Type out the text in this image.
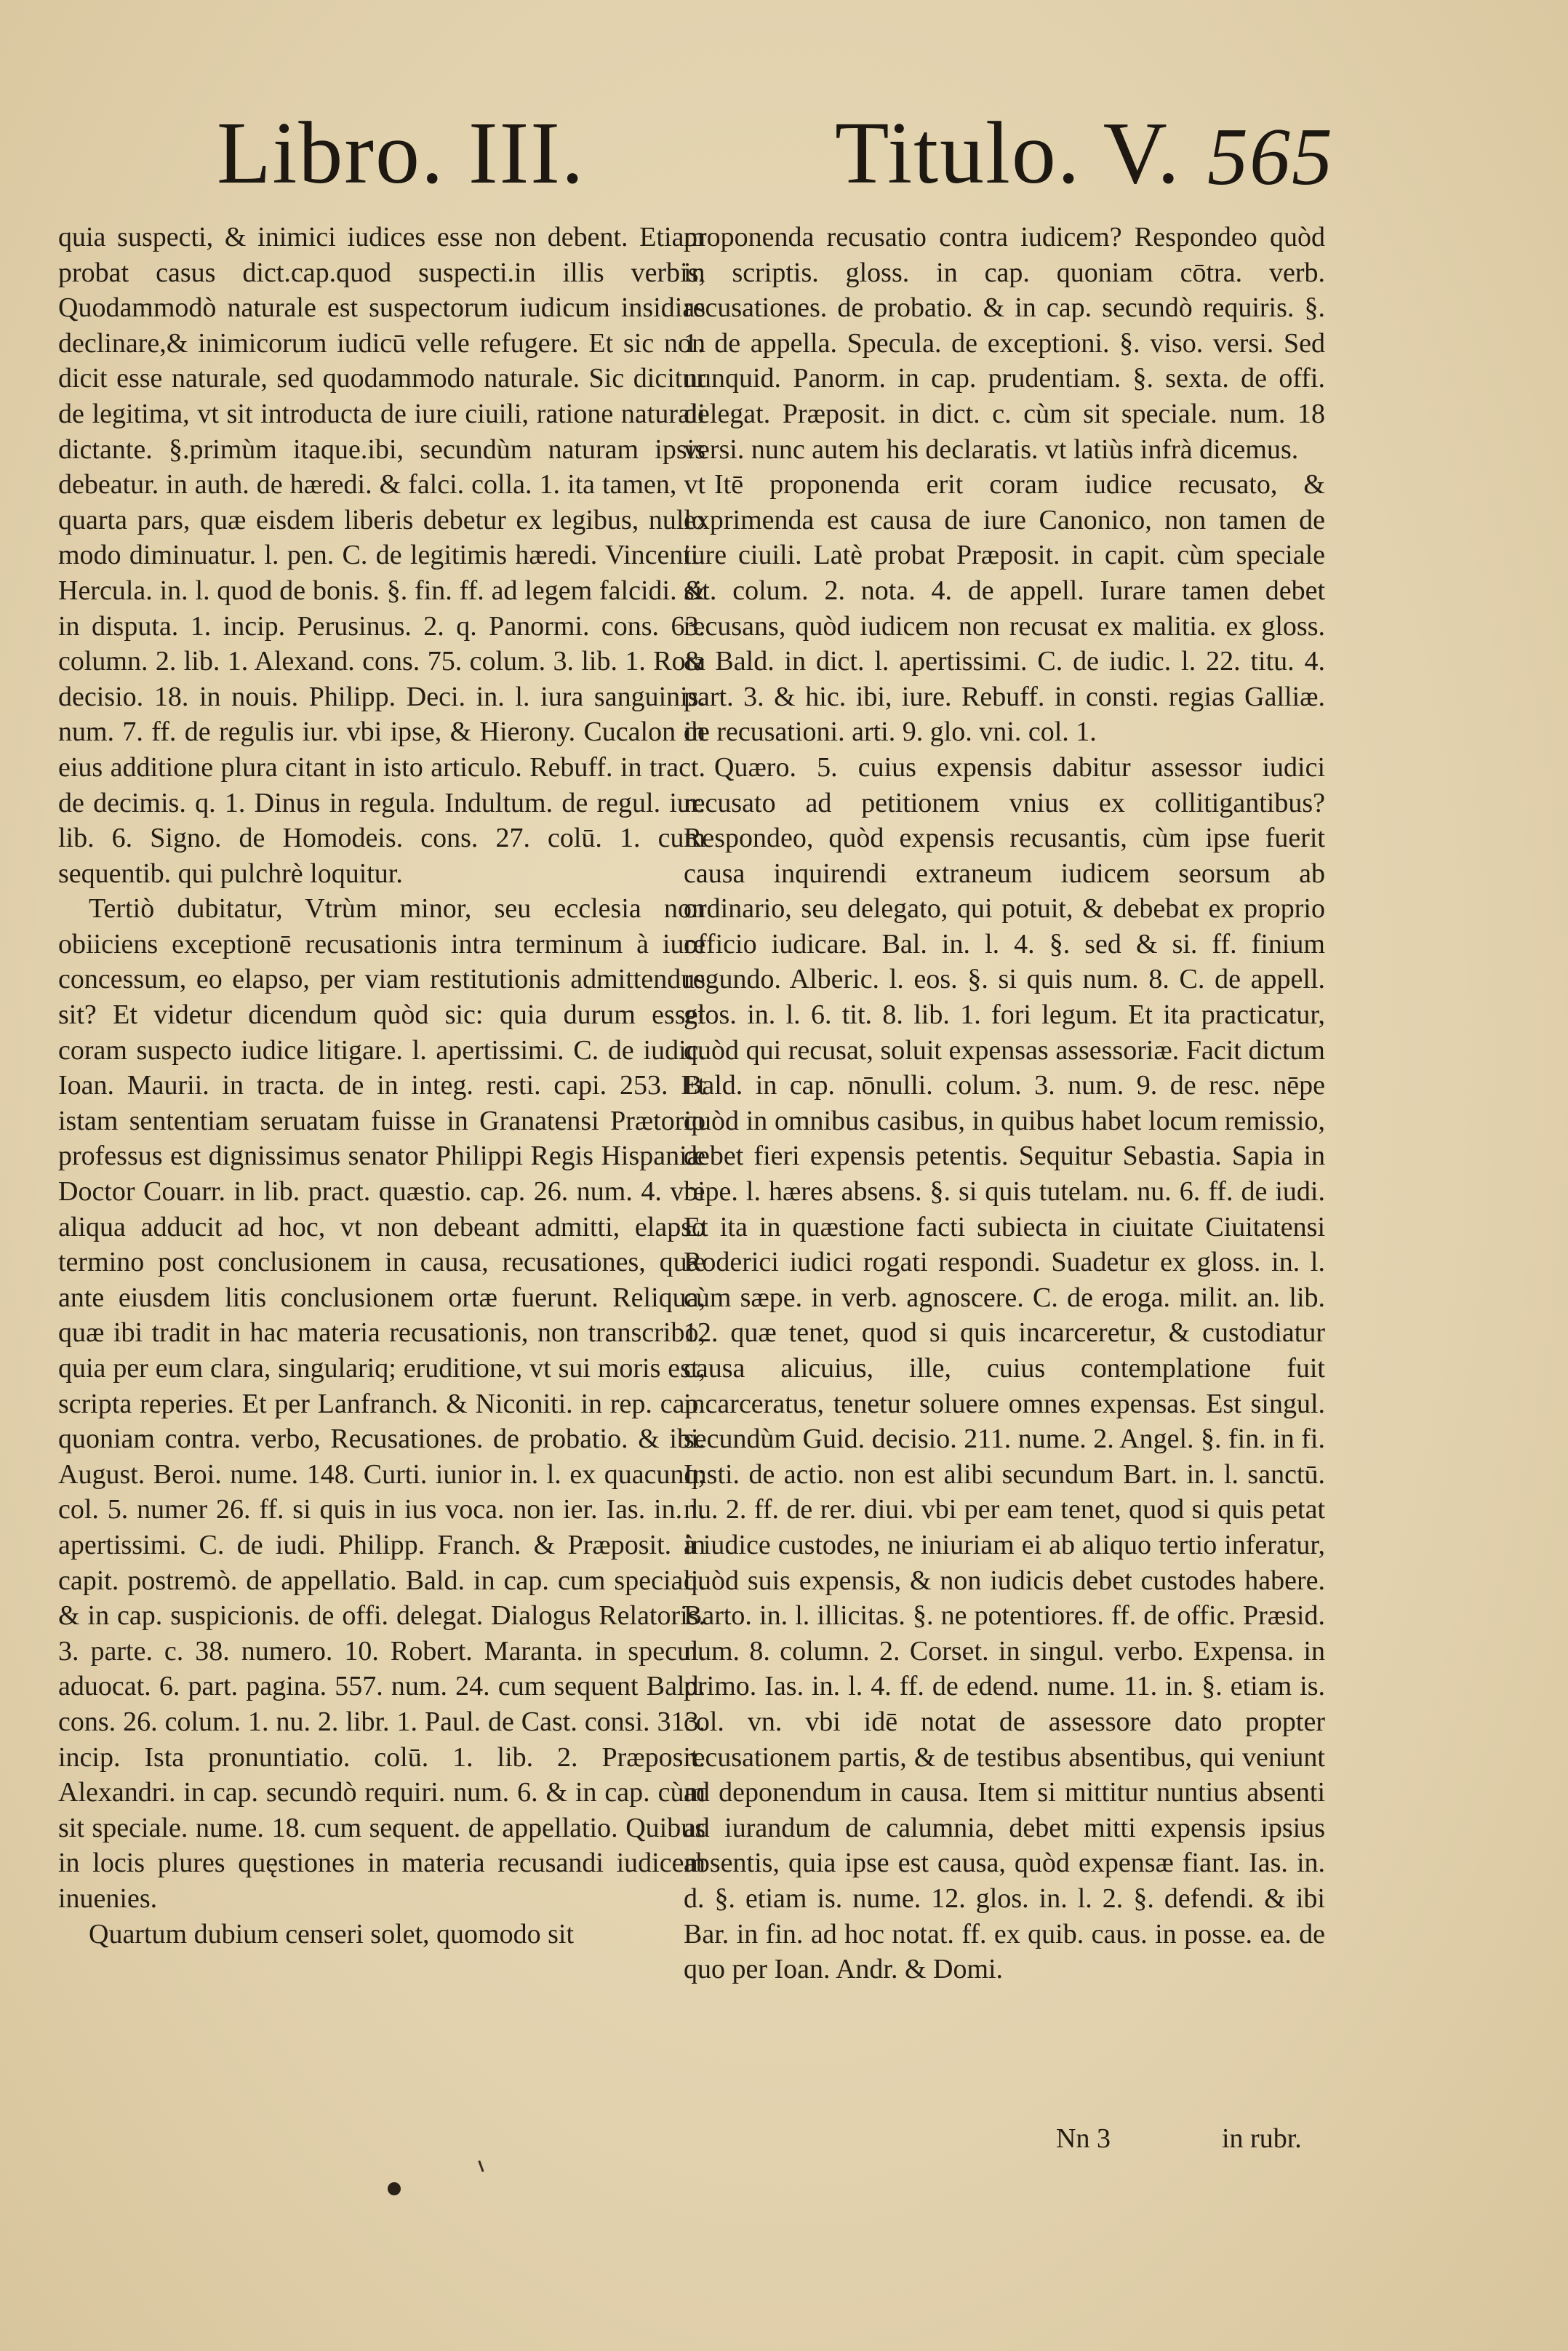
Libro. III.	Titulo. V. 565

quia suspecti, & inimici iudices esse non debent. Etiam probat casus dict.cap.quod suspecti.in illis verbis, Quodammodò naturale est suspectorum iudicum insidias declinare,& inimicorum iudicū velle refugere. Et sic non dicit esse naturale, sed quodammodo naturale. Sic dicitur de legitima, vt sit introducta de iure ciuili, ratione naturali dictante. §.primùm itaque.ibi, secundùm naturam ipsis debeatur. in auth. de hæredi. & falci. colla. 1. ita tamen, vt quarta pars, quæ eisdem liberis debetur ex legibus, nullo modo diminuatur. l. pen. C. de legitimis hæredi. Vincenti. Hercula. in. l. quod de bonis. §. fin. ff. ad legem falcidi. & in disputa. 1. incip. Perusinus. 2. q. Panormi. cons. 63. column. 2. lib. 1. Alexand. cons. 75. colum. 3. lib. 1. Rota decisio. 18. in nouis. Philipp. Deci. in. l. iura sanguinis. num. 7. ff. de regulis iur. vbi ipse, & Hierony. Cucalon in eius additione plura citant in isto articulo. Rebuff. in tract. de decimis. q. 1. Dinus in regula. Indultum. de regul. iur. lib. 6. Signo. de Homodeis. cons. 27. colū. 1. cum sequentib. qui pulchrè loquitur.

Tertiò dubitatur, Vtrùm minor, seu ecclesia non obiiciens exceptionē recusationis intra terminum à iure concessum, eo elapso, per viam restitutionis admittendus sit? Et videtur dicendum quòd sic: quia durum esset coram suspecto iudice litigare. l. apertissimi. C. de iudic. Ioan. Maurii. in tracta. de in integ. resti. capi. 253. Et istam sententiam seruatam fuisse in Granatensi Prætorio professus est dignissimus senator Philippi Regis Hispaniæ Doctor Couarr. in lib. pract. quæstio. cap. 26. num. 4. vbi aliqua adducit ad hoc, vt non debeant admitti, elapso termino post conclusionem in causa, recusationes, quæ ante eiusdem litis conclusionem ortæ fuerunt. Reliqua, quæ ibi tradit in hac materia recusationis, non transcribo, quia per eum clara, singulariq; eruditione, vt sui moris est, scripta reperies. Et per Lanfranch. & Niconiti. in rep. cap. quoniam contra. verbo, Recusationes. de probatio. & ibi. August. Beroi. nume. 148. Curti. iunior in. l. ex quacunq; col. 5. numer 26. ff. si quis in ius voca. non ier. Ias. in. l. apertissimi. C. de iudi. Philipp. Franch. & Præposit. in capit. postremò. de appellatio. Bald. in cap. cum speciali. & in cap. suspicionis. de offi. delegat. Dialogus Relatoris. 3. parte. c. 38. numero. 10. Robert. Maranta. in specul. aduocat. 6. part. pagina. 557. num. 24. cum sequent Bald. cons. 26. colum. 1. nu. 2. libr. 1. Paul. de Cast. consi. 313. incip. Ista pronuntiatio. colū. 1. lib. 2. Præposit. Alexandri. in cap. secundò requiri. num. 6. & in cap. cùm sit speciale. nume. 18. cum sequent. de appellatio. Quibus in locis plures quęstiones in materia recusandi iudicem inuenies.

Quartum dubium censeri solet, quomodo sit

proponenda recusatio contra iudicem? Respondeo quòd in scriptis. gloss. in cap. quoniam cōtra. verb. recusationes. de probatio. & in cap. secundò requiris. §. 1. de appella. Specula. de exceptioni. §. viso. versi. Sed nunquid. Panorm. in cap. prudentiam. §. sexta. de offi. delegat. Præposit. in dict. c. cùm sit speciale. num. 18 versi. nunc autem his declaratis. vt latiùs infrà dicemus.

Itē proponenda erit coram iudice recusato, & exprimenda est causa de iure Canonico, non tamen de iure ciuili. Latè probat Præposit. in capit. cùm speciale sit. colum. 2. nota. 4. de appell. Iurare tamen debet recusans, quòd iudicem non recusat ex malitia. ex gloss. & Bald. in dict. l. apertissimi. C. de iudic. l. 22. titu. 4. part. 3. & hic. ibi, iure. Rebuff. in consti. regias Galliæ. de recusationi. arti. 9. glo. vni. col. 1.

Quæro. 5. cuius expensis dabitur assessor iudici recusato ad petitionem vnius ex collitigantibus? Respondeo, quòd expensis recusantis, cùm ipse fuerit causa inquirendi extraneum iudicem seorsum ab ordinario, seu delegato, qui potuit, & debebat ex proprio officio iudicare. Bal. in. l. 4. §. sed & si. ff. finium regundo. Alberic. l. eos. §. si quis num. 8. C. de appell. glos. in. l. 6. tit. 8. lib. 1. fori legum. Et ita practicatur, quòd qui recusat, soluit expensas assessoriæ. Facit dictum Bald. in cap. nōnulli. colum. 3. num. 9. de resc. nēpe quòd in omnibus casibus, in quibus habet locum remissio, debet fieri expensis petentis. Sequitur Sebastia. Sapia in repe. l. hæres absens. §. si quis tutelam. nu. 6. ff. de iudi. Et ita in quæstione facti subiecta in ciuitate Ciuitatensi Roderici iudici rogati respondi. Suadetur ex gloss. in. l. cùm sæpe. in verb. agnoscere. C. de eroga. milit. an. lib. 12. quæ tenet, quod si quis incarceretur, & custodiatur causa alicuius, ille, cuius contemplatione fuit incarceratus, tenetur soluere omnes expensas. Est singul. secundùm Guid. decisio. 211. nume. 2. Angel. §. fin. in fi. Insti. de actio. non est alibi secundum Bart. in. l. sanctū. nu. 2. ff. de rer. diui. vbi per eam tenet, quod si quis petat à iudice custodes, ne iniuriam ei ab aliquo tertio inferatur, quòd suis expensis, & non iudicis debet custodes habere. Barto. in. l. illicitas. §. ne potentiores. ff. de offic. Præsid. num. 8. column. 2. Corset. in singul. verbo. Expensa. in primo. Ias. in. l. 4. ff. de edend. nume. 11. in. §. etiam is. col. vn. vbi idē notat de assessore dato propter recusationem partis, & de testibus absentibus, qui veniunt ad deponendum in causa. Item si mittitur nuntius absenti ad iurandum de calumnia, debet mitti expensis ipsius absentis, quia ipse est causa, quòd expensæ fiant. Ias. in. d. §. etiam is. nume. 12. glos. in. l. 2. §. defendi. & ibi Bar. in fin. ad hoc notat. ff. ex quib. caus. in posse. ea. de quo per Ioan. Andr. & Domi.

Nn 3	in rubr.
